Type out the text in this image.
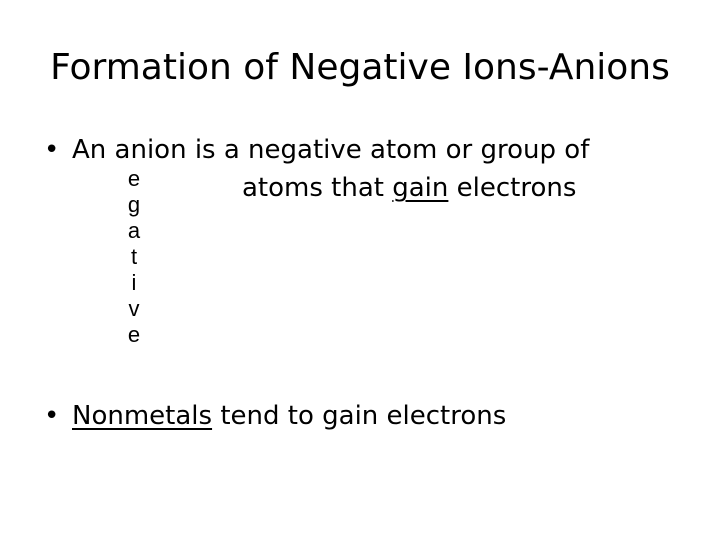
Formation of Negative Ions-Anions
• An anion is a negative atom or group of
atoms that gain electrons
e
g
a
t
i
v
e
• Nonmetals tend to gain electrons
